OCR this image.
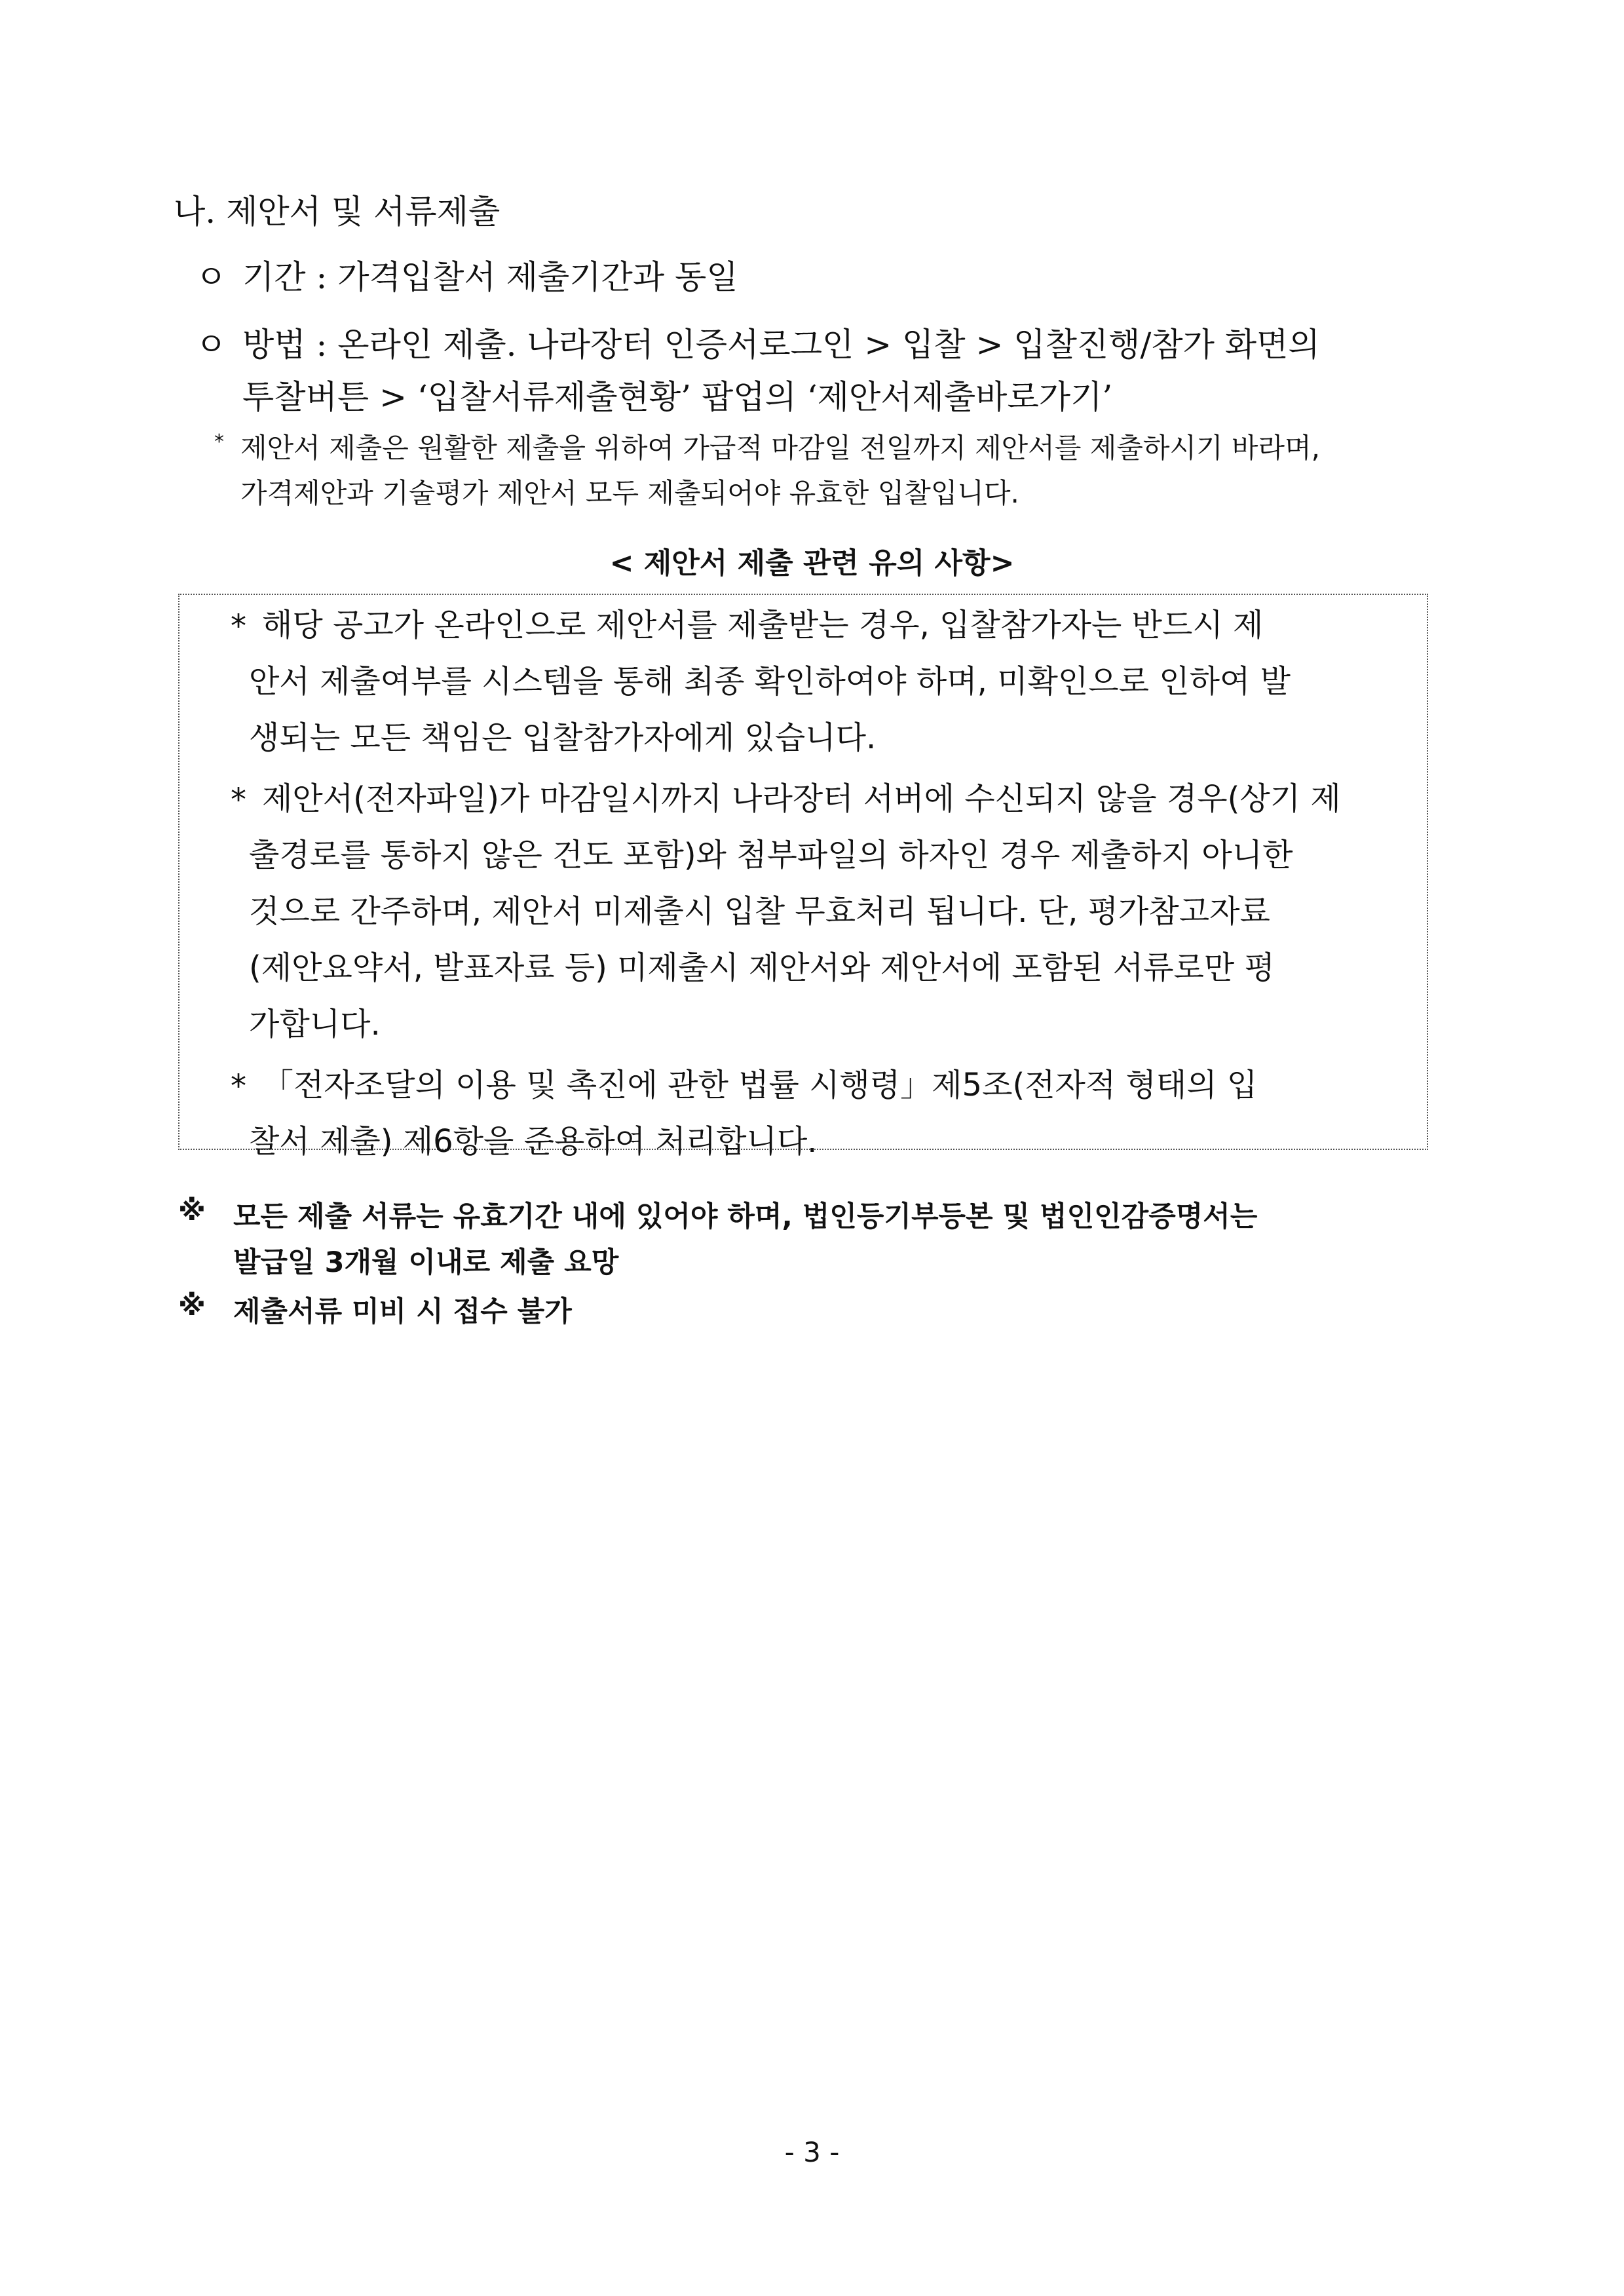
나. 제안서 및 서류제출
ㅇ 기간 : 가격입찰서 제출기간과 동일
ㅇ 방법 : 온라인 제출. 나라장터 인증서로그인 > 입찰 > 입찰진행/참가 화면의
투찰버튼 > ‘입찰서류제출현황’ 팝업의 ‘제안서제출바로가기’
* 제안서 제출은 원활한 제출을 위하여 가급적 마감일 전일까지 제안서를 제출하시기 바라며,
가격제안과 기술평가 제안서 모두 제출되어야 유효한 입찰입니다.
< 제안서 제출 관련 유의 사항>
* 해당 공고가 온라인으로 제안서를 제출받는 경우, 입찰참가자는 반드시 제
안서 제출여부를 시스템을 통해 최종 확인하여야 하며, 미확인으로 인하여 발
생되는 모든 책임은 입찰참가자에게 있습니다.
* 제안서(전자파일)가 마감일시까지 나라장터 서버에 수신되지 않을 경우(상기 제
출경로를 통하지 않은 건도 포함)와 첨부파일의 하자인 경우 제출하지 아니한
것으로 간주하며, 제안서 미제출시 입찰 무효처리 됩니다. 단, 평가참고자료
(제안요약서, 발표자료 등) 미제출시 제안서와 제안서에 포함된 서류로만 평
가합니다.
* 「전자조달의 이용 및 촉진에 관한 법률 시행령」제5조(전자적 형태의 입
찰서 제출) 제6항을 준용하여 처리합니다.
※ 모든 제출 서류는 유효기간 내에 있어야 하며, 법인등기부등본 및 법인인감증명서는
발급일 3개월 이내로 제출 요망
※ 제출서류 미비 시 접수 불가
- 3 -
